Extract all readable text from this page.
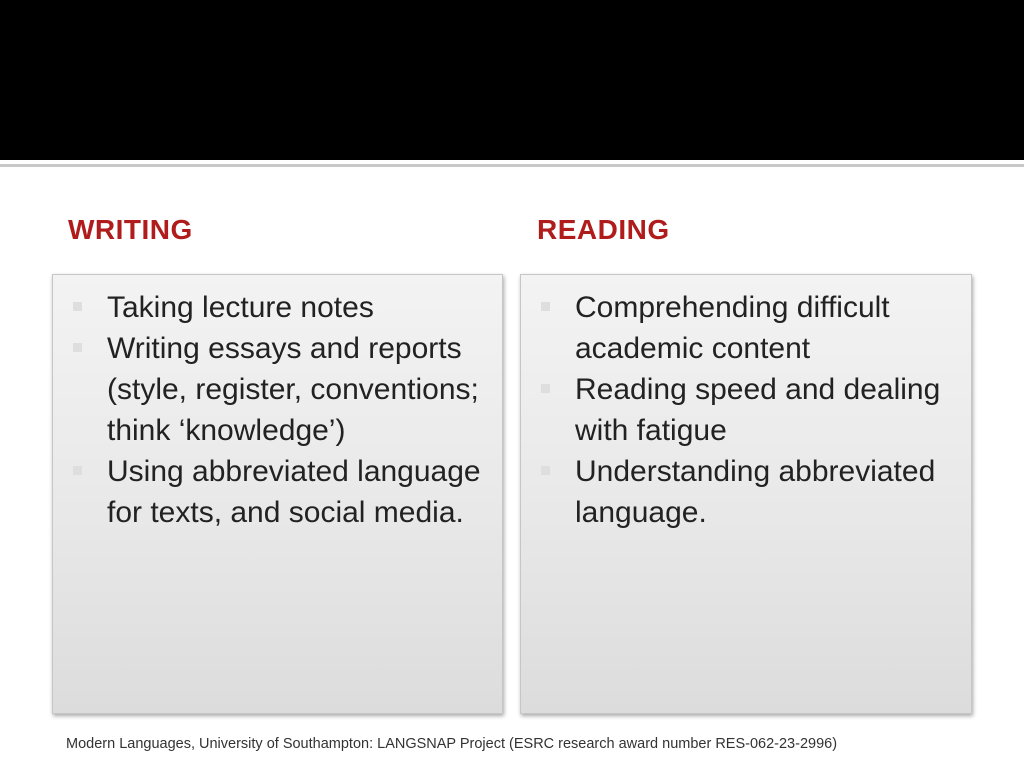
WRITING	READING
Taking lecture notes
Writing essays and reports (style, register, conventions; think ‘knowledge’)
Using abbreviated language for texts, and social media.
Comprehending difficult academic content
Reading speed and dealing with fatigue
Understanding abbreviated language.

Modern Languages, University of Southampton: LANGSNAP Project (ESRC research award number RES-062-23-2996)
